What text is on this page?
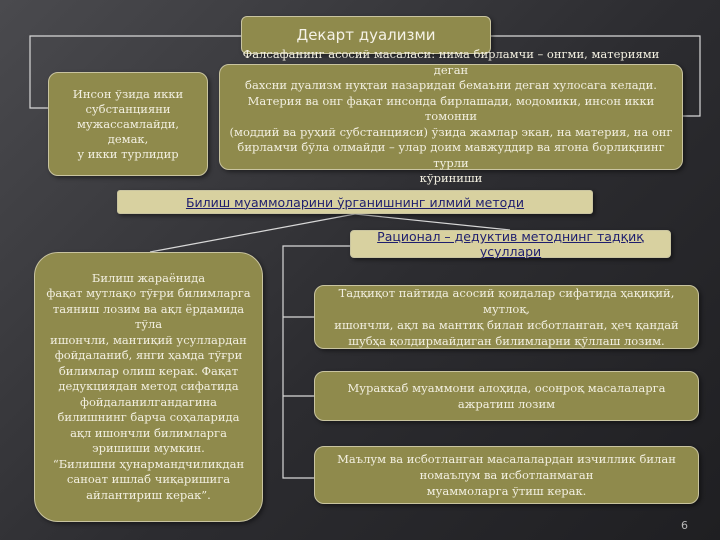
Декарт дуализми
Инсон ўзида икки
субстанцияни
мужассамлайди, демак,
у икки турлидир
Фалсафанинг асосий масаласи: нима бирламчи – онгми, материями деган
бахсни дуализм нуқтаи назаридан бемаъни деган хулосага келади.
Материя ва онг фақат инсонда бирлашади, модомики, инсон икки томонни
(моддий ва руҳий субстанцияси) ўзида жамлар экан, на материя, на онг
бирламчи бўла олмайди – улар доим мавжуддир ва ягона борлиқнинг турли
кўриниши
Билиш муаммоларини ўрганишнинг илмий методи
Рационал – дедуктив методнинг тадқиқ усуллари
Билиш жараёнида
фақат мутлақо тўғри билимларга
таяниш лозим ва ақл ёрдамида тўла
ишончли, мантиқий усуллардан
фойдаланиб, янги ҳамда тўғри
билимлар олиш керак. Фақат
дедукциядан метод сифатида
фойдаланилгандагина
билишнинг барча соҳаларида
ақл ишончли билимларга
эришиши мумкин.
“Билишни ҳунармандчиликдан
саноат ишлаб чиқаришига
айлантириш керак”.
Тадқиқот пайтида асосий қоидалар сифатида ҳақиқий, мутлоқ,
ишончли, ақл ва мантиқ билан исботланган, ҳеч қандай
шубҳа қолдирмайдиган билимларни қўллаш лозим.
Мураккаб муаммони алоҳида, осонроқ масалаларга
ажратиш лозим
Маълум ва исботланган масалалардан изчиллик билан
номаълум ва исботланмаган
муаммоларга ўтиш керак.
6
